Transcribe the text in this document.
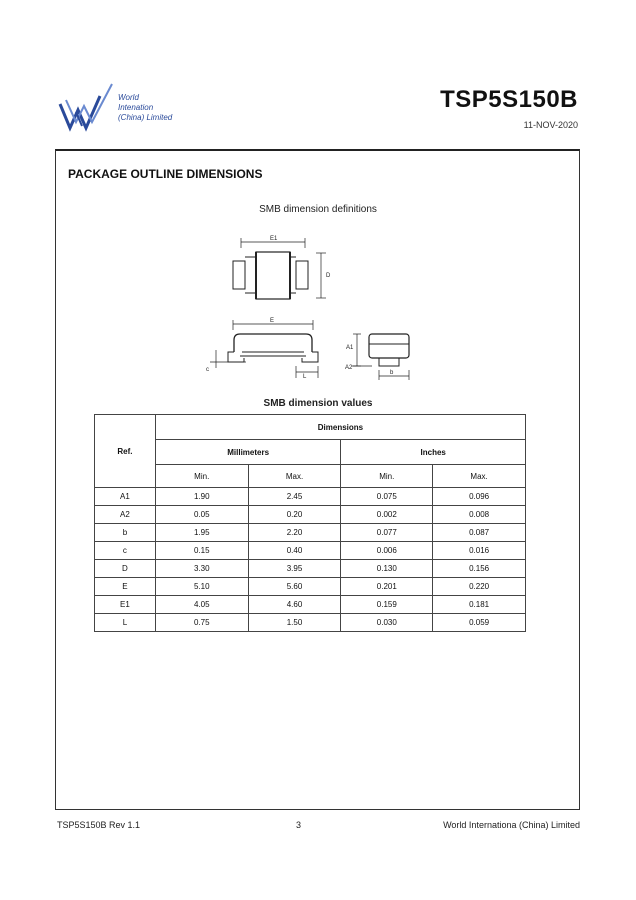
World
Intenation
(China) Limited
TSP5S150B
11-NOV-2020
PACKAGE OUTLINE DIMENSIONS
SMB dimension definitions
E1
D
E
c
L
A1
A2
b
SMB dimension values
Ref.	Dimensions			
	Millimeters		Inches	
	Min.	Max.	Min.	Max.
A1	1.90	2.45	0.075	0.096
A2	0.05	0.20	0.002	0.008
b	1.95	2.20	0.077	0.087
c	0.15	0.40	0.006	0.016
D	3.30	3.95	0.130	0.156
E	5.10	5.60	0.201	0.220
E1	4.05	4.60	0.159	0.181
L	0.75	1.50	0.030	0.059
TSP5S150B Rev 1.1	3	World Internationa (China) Limited
